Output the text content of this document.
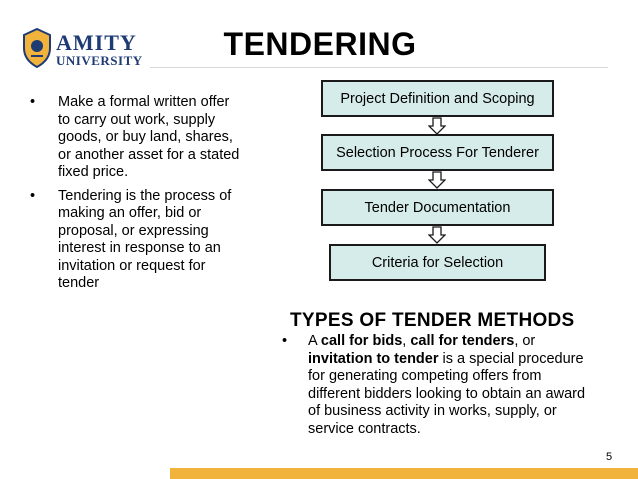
AMITY
UNIVERSITY	TENDERING
•	Make a formal written offer to carry out work, supply goods, or buy land, shares, or another asset for a stated fixed price.
•	Tendering is the process of making an offer, bid or proposal, or expressing interest in response to an invitation or request for tender
Project Definition and Scoping
Selection Process For Tenderer
Tender Documentation
Criteria for Selection
TYPES OF TENDER METHODS
•	A call for bids, call for tenders, or invitation to tender is a special procedure for generating competing offers from different bidders looking to obtain an award of business activity in works, supply, or service contracts.
5
